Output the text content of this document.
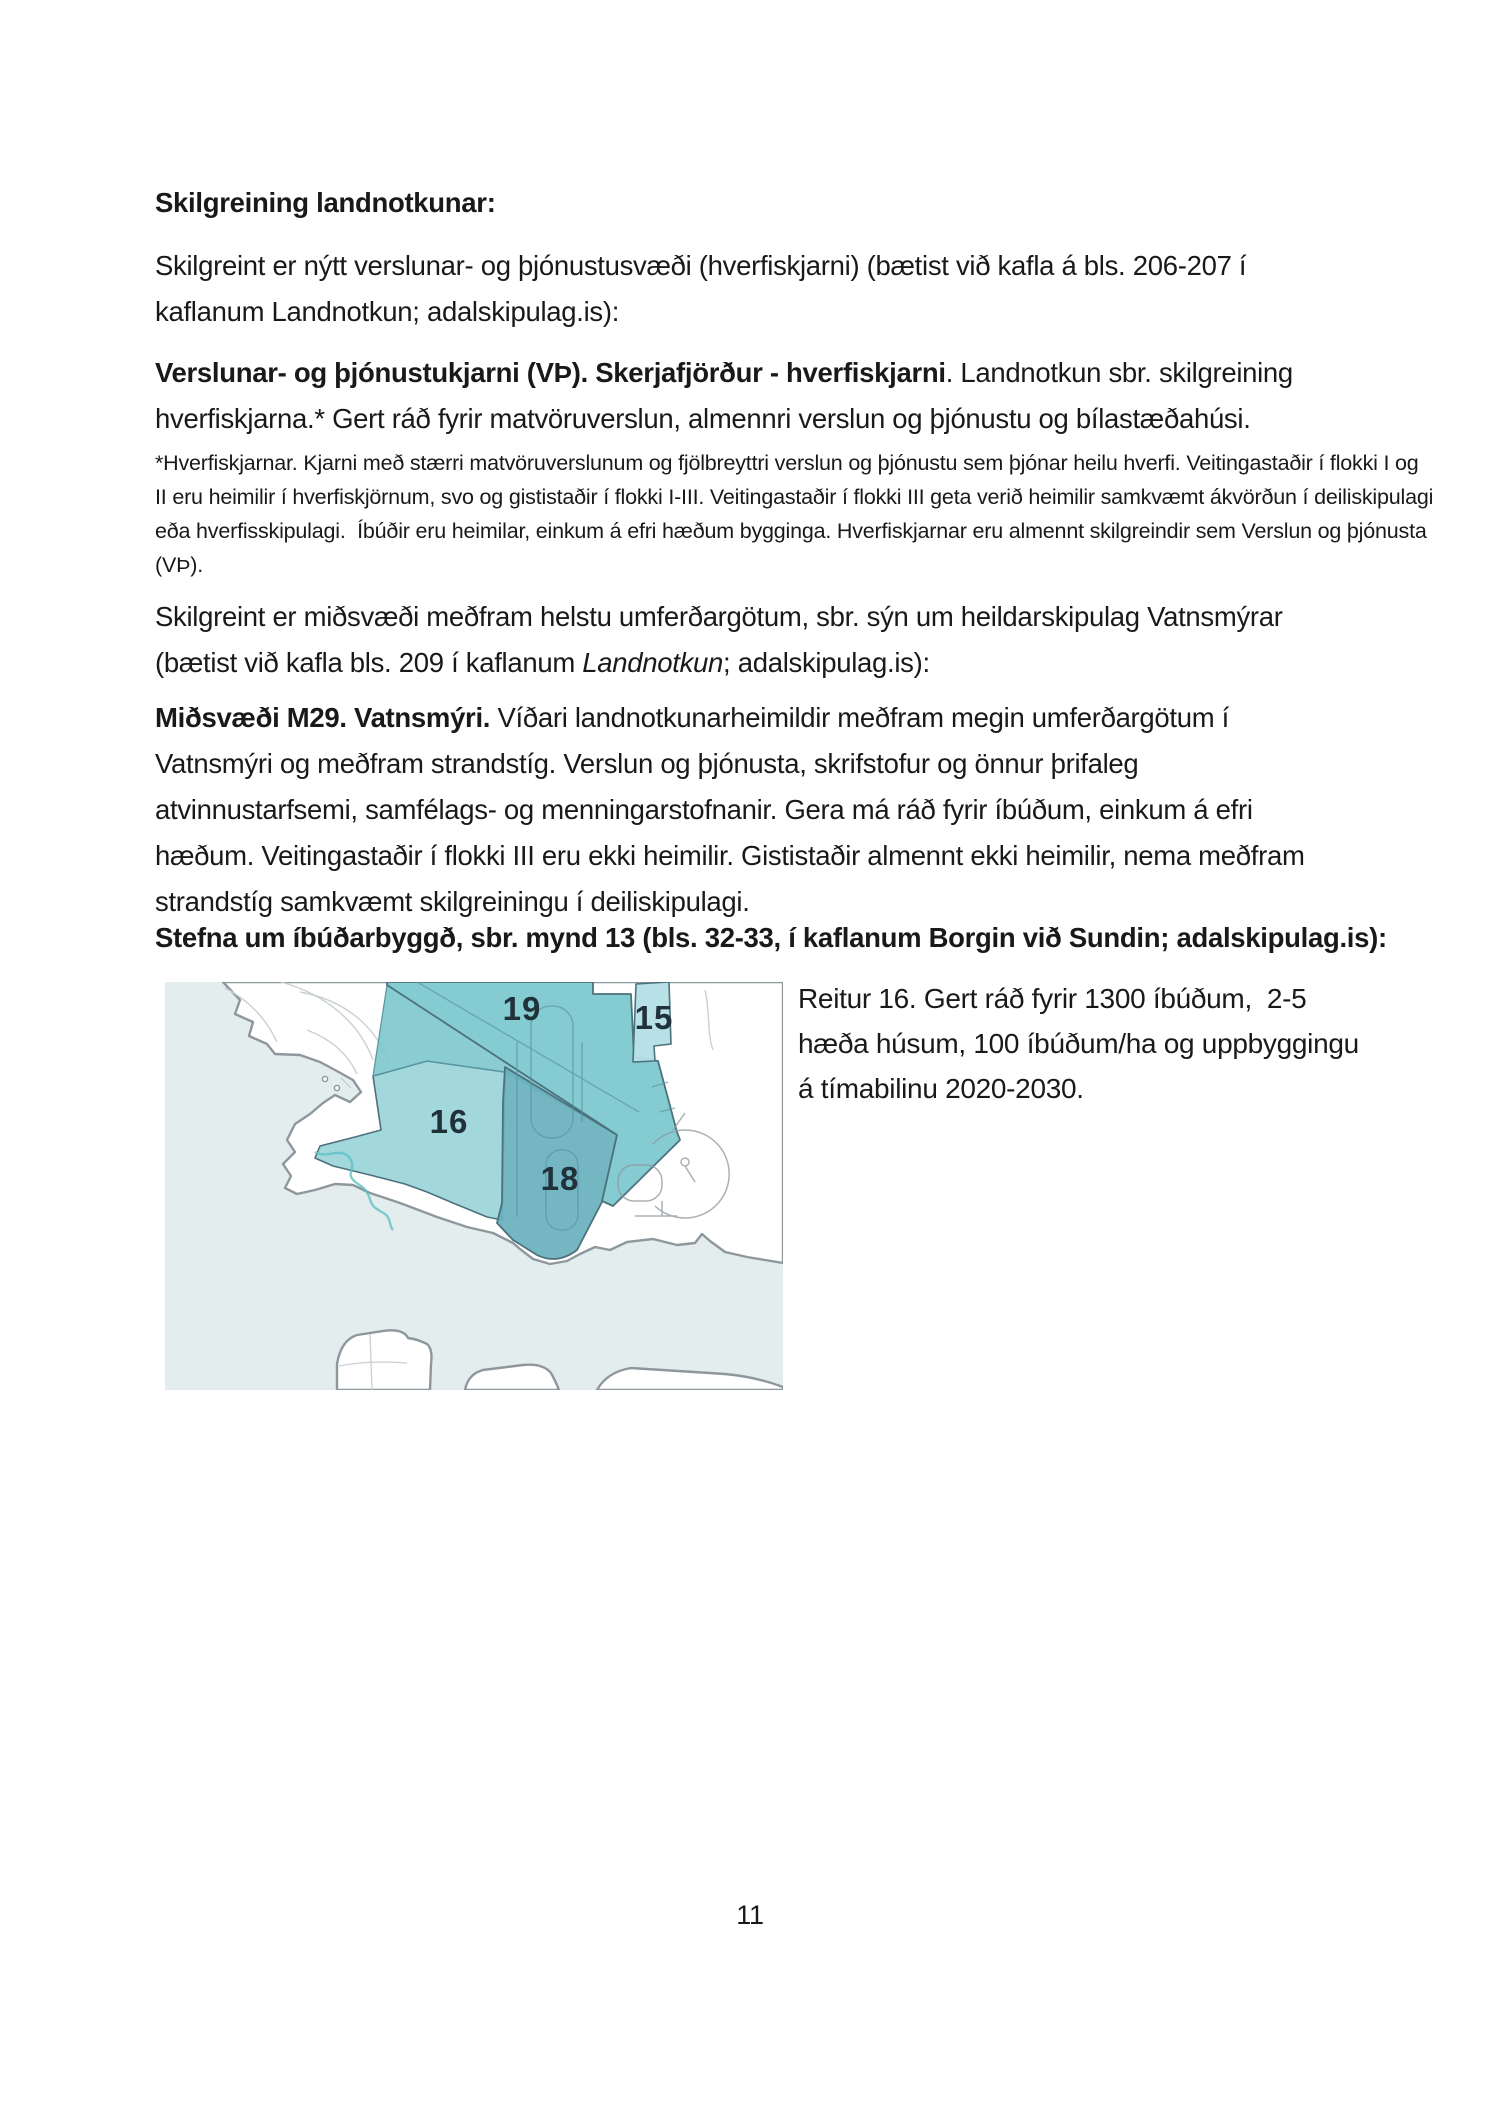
Skilgreining landnotkunar:
Skilgreint er nýtt verslunar- og þjónustusvæði (hverfiskjarni) (bætist við kafla á bls. 206-207 í
kaflanum Landnotkun; adalskipulag.is):
Verslunar- og þjónustukjarni (VÞ). Skerjafjörður - hverfiskjarni. Landnotkun sbr. skilgreining
hverfiskjarna.* Gert ráð fyrir matvöruverslun, almennri verslun og þjónustu og bílastæðahúsi.
*Hverfiskjarnar. Kjarni með stærri matvöruverslunum og fjölbreyttri verslun og þjónustu sem þjónar heilu hverfi. Veitingastaðir í flokki I og
II eru heimilir í hverfiskjörnum, svo og gististaðir í flokki I-III. Veitingastaðir í flokki III geta verið heimilir samkvæmt ákvörðun í deiliskipulagi
eða hverfisskipulagi.  Íbúðir eru heimilar, einkum á efri hæðum bygginga. Hverfiskjarnar eru almennt skilgreindir sem Verslun og þjónusta
(VÞ).
Skilgreint er miðsvæði meðfram helstu umferðargötum, sbr. sýn um heildarskipulag Vatnsmýrar
(bætist við kafla bls. 209 í kaflanum Landnotkun; adalskipulag.is):
Miðsvæði M29. Vatnsmýri. Víðari landnotkunarheimildir meðfram megin umferðargötum í
Vatnsmýri og meðfram strandstíg. Verslun og þjónusta, skrifstofur og önnur þrifaleg
atvinnustarfsemi, samfélags- og menningarstofnanir. Gera má ráð fyrir íbúðum, einkum á efri
hæðum. Veitingastaðir í flokki III eru ekki heimilir. Gististaðir almennt ekki heimilir, nema meðfram
strandstíg samkvæmt skilgreiningu í deiliskipulagi.
Stefna um íbúðarbyggð, sbr. mynd 13 (bls. 32-33, í kaflanum Borgin við Sundin; adalskipulag.is):
19	15
16
18
Reitur 16. Gert ráð fyrir 1300 íbúðum,  2-5
hæða húsum, 100 íbúðum/ha og uppbyggingu
á tímabilinu 2020-2030.
11
